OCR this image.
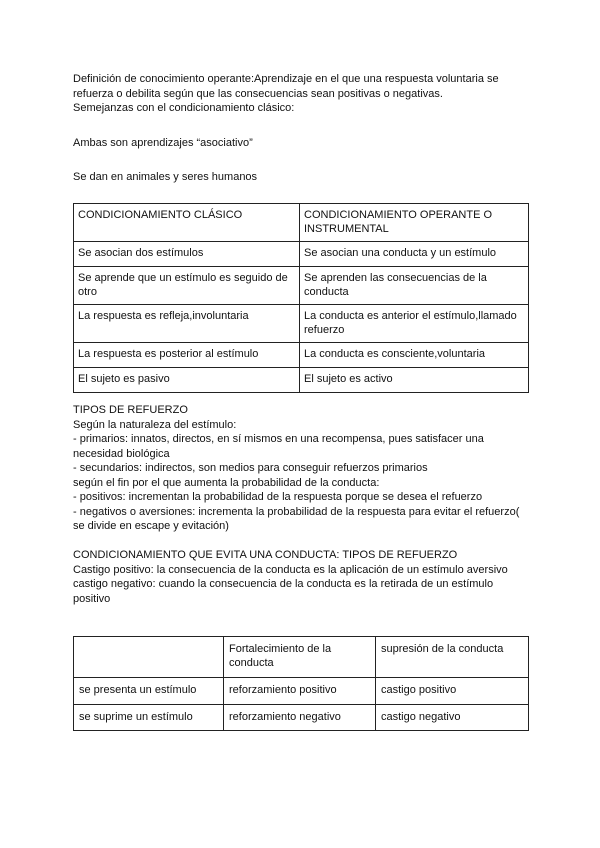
Definición de conocimiento operante:Aprendizaje en el que una respuesta voluntaria se

refuerza o debilita según que las consecuencias sean positivas o negativas.

Semejanzas con el condicionamiento clásico:

Ambas son aprendizajes “asociativo”

Se dan en animales y seres humanos

CONDICIONAMIENTO CLÁSICO	CONDICIONAMIENTO OPERANTE O INSTRUMENTAL
Se asocian dos estímulos	Se asocian una conducta y un estímulo
Se aprende que un estímulo es seguido de otro	Se aprenden las consecuencias de la conducta
La respuesta es refleja,involuntaria	La conducta es anterior el estímulo,llamado refuerzo
La respuesta es posterior al estímulo	La conducta es consciente,voluntaria
El sujeto es pasivo	El sujeto es activo

TIPOS DE REFUERZO

Según la naturaleza del estímulo:

- primarios: innatos, directos, en sí mismos en una recompensa, pues satisfacer una necesidad biológica

- secundarios: indirectos, son medios para conseguir refuerzos primarios

según el fin por el que aumenta la probabilidad de la conducta:

- positivos: incrementan la probabilidad de la respuesta porque se desea el refuerzo

- negativos o aversiones: incrementa la probabilidad de la respuesta para evitar el refuerzo( se divide en escape y evitación)

CONDICIONAMIENTO QUE EVITA UNA CONDUCTA: TIPOS DE REFUERZO

Castigo positivo: la consecuencia de la conducta es la aplicación de un estímulo aversivo

castigo negativo: cuando la consecuencia de la conducta es la retirada de un estímulo positivo

	Fortalecimiento de la conducta	supresión de la conducta
se presenta un estímulo	reforzamiento positivo	castigo positivo
se suprime un estímulo	reforzamiento negativo	castigo negativo
